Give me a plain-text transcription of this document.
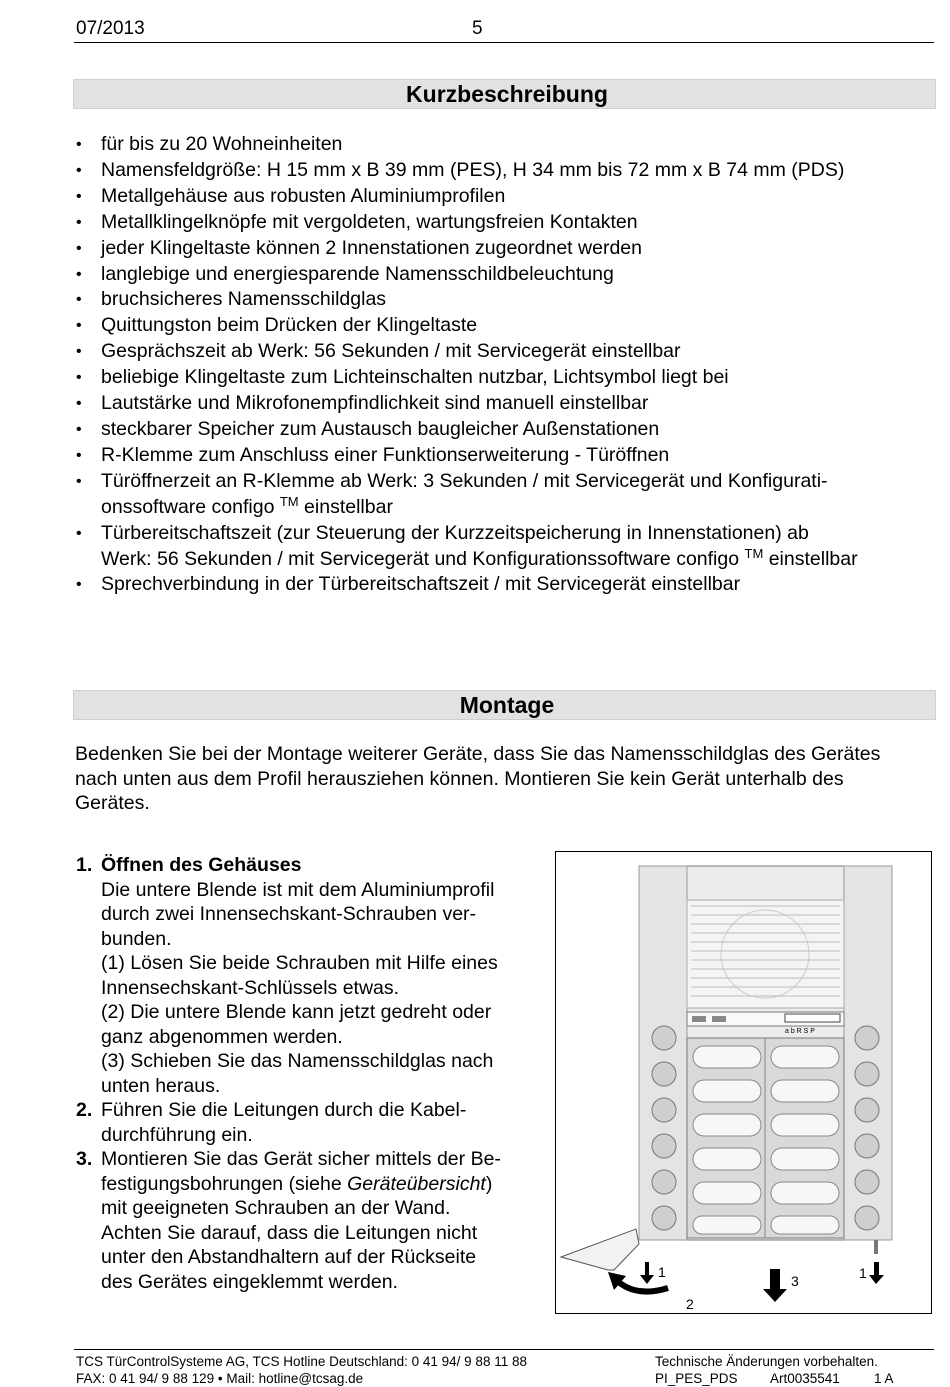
07/2013	5
Kurzbeschreibung
• für bis zu 20 Wohneinheiten
• Namensfeldgröße: H 15 mm x B 39 mm (PES), H 34 mm bis 72 mm x B 74 mm (PDS)
• Metallgehäuse aus robusten Aluminiumprofilen
• Metallklingelknöpfe mit vergoldeten, wartungsfreien Kontakten
• jeder Klingeltaste können 2 Innenstationen zugeordnet werden
• langlebige und energiesparende Namensschildbeleuchtung
• bruchsicheres Namensschildglas
• Quittungston beim Drücken der Klingeltaste
• Gesprächszeit ab Werk: 56 Sekunden / mit Servicegerät einstellbar
• beliebige Klingeltaste zum Lichteinschalten nutzbar, Lichtsymbol liegt bei
• Lautstärke und Mikrofonempfindlichkeit sind manuell einstellbar
• steckbarer Speicher zum Austausch baugleicher Außenstationen
• R-Klemme zum Anschluss einer Funktionserweiterung - Türöffnen
• Türöffnerzeit an R-Klemme ab Werk: 3 Sekunden / mit Servicegerät und Konfigurati-
onssoftware configo ™ einstellbar
• Türbereitschaftszeit (zur Steuerung der Kurzzeitspeicherung in Innenstationen) ab
Werk: 56 Sekunden / mit Servicegerät und Konfigurationssoftware configo ™ einstellbar
• Sprechverbindung in der Türbereitschaftszeit / mit Servicegerät einstellbar
Montage

Bedenken Sie bei der Montage weiterer Geräte, dass Sie das Namensschildglas des Gerätes nach unten aus dem Profil herausziehen können. Montieren Sie kein Gerät unterhalb des Gerätes.

1. Öffnen des Gehäuses

Die untere Blende ist mit dem Aluminiumprofil

durch zwei Innensechskant-Schrauben ver-

bunden.

(1) Lösen Sie beide Schrauben mit Hilfe eines

Innensechskant-Schlüssels etwas.

(2) Die untere Blende kann jetzt gedreht oder

ganz abgenommen werden.

(3) Schieben Sie das Namensschildglas nach

unten heraus.

2. Führen Sie die Leitungen durch die Kabel-

durchführung ein.

3. Montieren Sie das Gerät sicher mittels der Be-

festigungsbohrungen (siehe Geräteübersicht)

mit geeigneten Schrauben an der Wand.

Achten Sie darauf, dass die Leitungen nicht

unter den Abstandhaltern auf der Rückseite

des Gerätes eingeklemmt werden.

a b R S P
1
2
3	1
TCS TürControlSysteme AG, TCS Hotline Deutschland: 0 41 94/ 9 88 11 88
FAX: 0 41 94/ 9 88 129 • Mail: hotline@tcsag.de
Technische Änderungen vorbehalten.
PI_PES_PDS Art0035541	1 A
